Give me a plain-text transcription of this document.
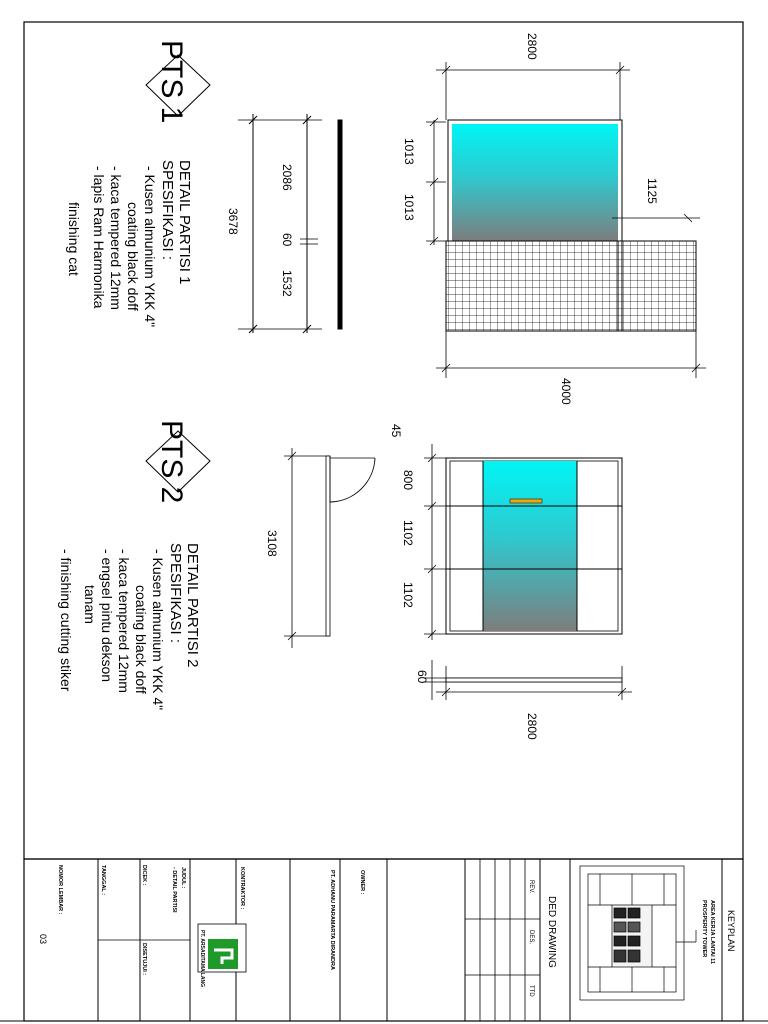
PTS 1
DETAIL PARTISI 1
SPESIFIKASI :
- Kusen almunium YKK 4"
coating black doff
- kaca tempered 12mm
- lapis Ram Harmonika
finishing cat	3678
2086
60
1532
2800
1013
1013
1125
4000
PTS 2
DETAIL PARTISI 2
SPESIFIKASI :
- Kusen almunium YKK 4"
coating black doff
- kaca tempered 12mm
- engsel pintu dekson
tanam
- finishing cutting stiker
3108
45
800
1102
1102
60
2800
KEYPLAN
AREA KERJA LANTAI 11
PROSPERITY TOWER
DED DRAWING
REV.
DES.
TTD
OWNER :
PT. ADHANU PARAMARTA DIRANDRA
KONTRAKTOR :
PT. ARSADITAMA LANG
JUDUL :
- DETAIL PARTISI
DICEK :
DISETUJUI :
TANGGAL :
NOMOR LEMBAR :
03
